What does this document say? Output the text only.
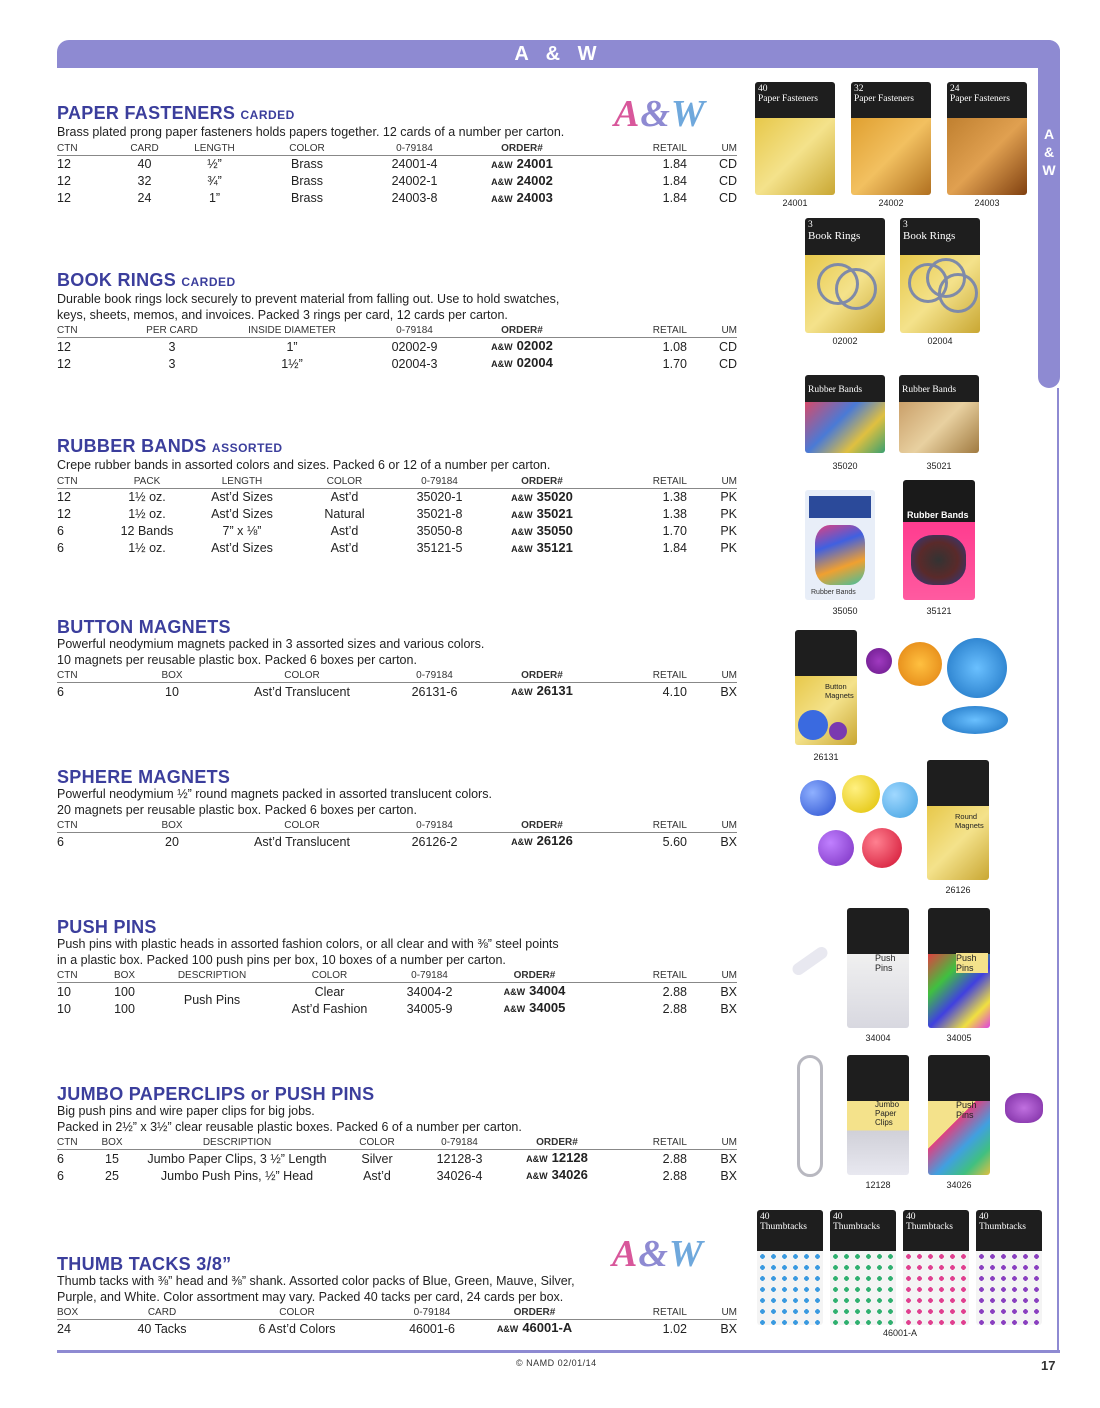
A & W
A
&
W
A&W
A&W
PAPER FASTENERS CARDED

Brass plated prong paper fasteners holds papers together. 12 cards of a number per carton.

CTN	CARD	LENGTH	COLOR	0-79184	ORDER#	RETAIL	UM
12	40	½”	Brass	24001-4	A&W 24001	1.84	CD
12	32	¾”	Brass	24002-1	A&W 24002	1.84	CD
12	24	1”	Brass	24003-8	A&W 24003	1.84	CD
BOOK RINGS CARDED

Durable book rings lock securely to prevent material from falling out. Use to hold swatches,

keys, sheets, memos, and invoices. Packed 3 rings per card, 12 cards per carton.

CTN	PER CARD	INSIDE DIAMETER	0-79184	ORDER#	RETAIL	UM
12	3	1”	02002-9	A&W 02002	1.08	CD
12	3	1½”	02004-3	A&W 02004	1.70	CD
RUBBER BANDS ASSORTED

Crepe rubber bands in assorted colors and sizes. Packed 6 or 12 of a number per carton.

CTN	PACK	LENGTH	COLOR	0-79184	ORDER#	RETAIL	UM
12	1½ oz.	Ast’d Sizes	Ast’d	35020-1	A&W 35020	1.38	PK
12	1½ oz.	Ast’d Sizes	Natural	35021-8	A&W 35021	1.38	PK
6	12 Bands	7” x ⅛”	Ast’d	35050-8	A&W 35050	1.70	PK
6	1½ oz.	Ast’d Sizes	Ast’d	35121-5	A&W 35121	1.84	PK
BUTTON MAGNETS

Powerful neodymium magnets packed in 3 assorted sizes and various colors.

10 magnets per reusable plastic box. Packed 6 boxes per carton.

CTN	BOX	COLOR	0-79184	ORDER#	RETAIL	UM
6	10	Ast’d Translucent	26131-6	A&W 26131	4.10	BX
SPHERE MAGNETS

Powerful neodymium ½” round magnets packed in assorted translucent colors.

20 magnets per reusable plastic box. Packed 6 boxes per carton.

CTN	BOX	COLOR	0-79184	ORDER#	RETAIL	UM
6	20	Ast’d Translucent	26126-2	A&W 26126	5.60	BX
PUSH PINS

Push pins with plastic heads in assorted fashion colors, or all clear and with ⅜” steel points

in a plastic box. Packed 100 push pins per box, 10 boxes of a number per carton.

CTN	BOX	DESCRIPTION	COLOR	0-79184	ORDER#	RETAIL	UM
10	100	Push Pins	Clear	34004-2	A&W 34004	2.88	BX
10	100		Ast’d Fashion	34005-9	A&W 34005	2.88	BX
JUMBO PAPERCLIPS or PUSH PINS

Big push pins and wire paper clips for big jobs.

Packed in 2½” x 3½” clear reusable plastic boxes. Packed 6 of a number per carton.

CTN	BOX	DESCRIPTION	COLOR	0-79184	ORDER#	RETAIL	UM
6	15	Jumbo Paper Clips, 3 ½” Length	Silver	12128-3	A&W 12128	2.88	BX
6	25	Jumbo Push Pins, ½” Head	Ast’d	34026-4	A&W 34026	2.88	BX
THUMB TACKS 3/8”

Thumb tacks with ⅜” head and ⅜” shank. Assorted color packs of Blue, Green, Mauve, Silver,

Purple, and White. Color assortment may vary. Packed 40 tacks per card, 24 cards per box.

BOX	CARD	COLOR	0-79184	ORDER#	RETAIL	UM
24	40 Tacks	6 Ast’d Colors	46001-6	A&W 46001-A	1.02	BX
40
Paper Fasteners
24001
32
Paper Fasteners
24002
24
Paper Fasteners
24003
3
Book Rings
02002
3
Book Rings
02004
Rubber Bands
35020
Rubber Bands
35021
Rubber Bands
35050
Rubber Bands
35121
Button Magnets
26131
Round Magnets
26126
Push Pins
34004
Push Pins
34005
Jumbo Paper Clips
12128
Push Pins
34026
40
Thumbtacks
40
Thumbtacks
40
Thumbtacks
40
Thumbtacks
46001-A
© NAMD 02/01/14	17
